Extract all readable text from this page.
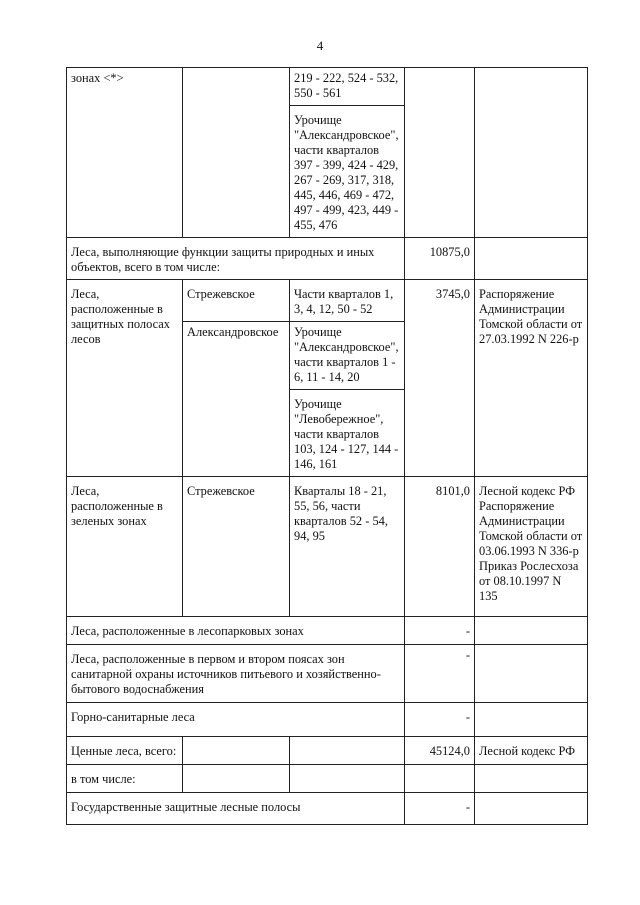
4
зонах <*>		219 - 222, 524 - 532, 550 - 561		
		Урочище "Александровское", части кварталов 397 - 399, 424 - 429, 267 - 269, 317, 318, 445, 446, 469 - 472, 497 - 499, 423, 449 - 455, 476		
Леса, выполняющие функции защиты природных и иных объектов, всего в том числе:			10875,0	
Леса, расположенные в защитных полосах лесов	Стрежевское	Части кварталов 1, 3, 4, 12, 50 - 52	3745,0	Распоряжение Администрации Томской области от 27.03.1992 N 226-р
	Александровское	Урочище "Александровское", части кварталов 1 - 6, 11 - 14, 20		
		Урочище "Левобережное", части кварталов 103, 124 - 127, 144 - 146, 161		
Леса, расположенные в зеленых зонах	Стрежевское	Кварталы 18 - 21, 55, 56, части кварталов 52 - 54, 94, 95	8101,0	Лесной кодекс РФ Распоряжение Администрации Томской области от 03.06.1993 N 336-р Приказ Рослесхоза от 08.10.1997 N 135
Леса, расположенные в лесопарковых зонах			-	
Леса, расположенные в первом и втором поясах зон санитарной охраны источников питьевого и хозяйственно-бытового водоснабжения			-	
Горно-санитарные леса			-	
Ценные леса, всего:			45124,0	Лесной кодекс РФ
в том числе:				
Государственные защитные лесные полосы			-	
